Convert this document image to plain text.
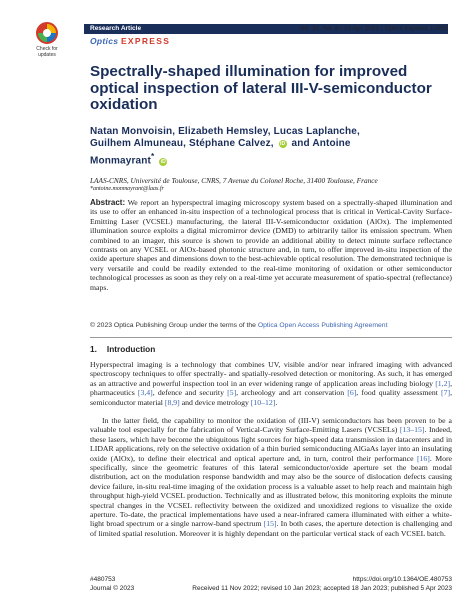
Check for
updates
Research Article	Vol. 31, No. 8 / 10 Apr 2023 / Optics Express 12955
Optics EXPRESS
Spectrally-shaped illumination for improved optical inspection of lateral III-V-semiconductor oxidation
Natan Monvoisin, Elizabeth Hemsley, Lucas Laplanche,
Guilhem Almuneau, Stéphane Calvez, iD and Antoine
Monmayrant* iD
LAAS-CNRS, Université de Toulouse, CNRS, 7 Avenue du Colonel Roche, 31400 Toulouse, France
*antoine.monmayrant@laas.fr
Abstract: We report an hyperspectral imaging microscopy system based on a spectrally-shaped illumination and its use to offer an enhanced in-situ inspection of a technological process that is critical in Vertical-Cavity Surface-Emitting Laser (VCSEL) manufacturing, the lateral III-V-semiconductor oxidation (AlOx). The implemented illumination source exploits a digital micromirror device (DMD) to arbitrarily tailor its emission spectrum. When combined to an imager, this source is shown to provide an additional ability to detect minute surface reflectance contrasts on any VCSEL or AlOx-based photonic structure and, in turn, to offer improved in-situ inspection of the oxide aperture shapes and dimensions down to the best-achievable optical resolution. The demonstrated technique is very versatile and could be readily extended to the real-time monitoring of oxidation or other semiconductor technological processes as soon as they rely on a real-time yet accurate measurement of spatio-spectral (reflectance) maps.
© 2023 Optica Publishing Group under the terms of the Optica Open Access Publishing Agreement
1. Introduction
Hyperspectral imaging is a technology that combines UV, visible and/or near infrared imaging with advanced spectroscopy techniques to offer spectrally- and spatially-resolved detection or monitoring. As such, it has emerged as an attractive and powerful inspection tool in an ever widening range of application areas including biology [1,2], pharmaceutics [3,4], defence and security [5], archeology and art conservation [6], food quality assessment [7], semiconductor material [8,9] and device metrology [10–12].
In the latter field, the capability to monitor the oxidation of (III-V) semiconductors has been proven to be a valuable tool especially for the fabrication of Vertical-Cavity Surface-Emitting Lasers (VCSELs) [13–15]. Indeed, these lasers, which have become the ubiquitous light sources for high-speed data transmission in datacenters and in LIDAR applications, rely on the selective oxidation of a thin buried semiconducting AlGaAs layer into an insulating oxide (AlOx), to define their electrical and optical aperture and, in turn, control their performance [16]. More specifically, since the geometric features of this lateral semiconductor/oxide aperture set the beam modal distribution, act on the modulation response bandwidth and may also be the source of dislocation defects causing device failure, in-situ real-time imaging of the oxidation process is a valuable asset to help reach and maintain high throughput high-yield VCSEL production. Technically and as illustrated below, this monitoring exploits the minute spectral changes in the VCSEL reflectivity between the oxidized and unoxidized regions to visualize the oxide aperture. To-date, the practical implementations have used a near-infrared camera illuminated with either a white-light broad spectrum or a single narrow-band spectrum [15]. In both cases, the aperture detection is challenging and of limited spatial resolution. Moreover it is highly dependant on the particular vertical stack of each VCSEL batch.
#480753
Journal © 2023
https://doi.org/10.1364/OE.480753
Received 11 Nov 2022; revised 10 Jan 2023; accepted 18 Jan 2023; published 5 Apr 2023
